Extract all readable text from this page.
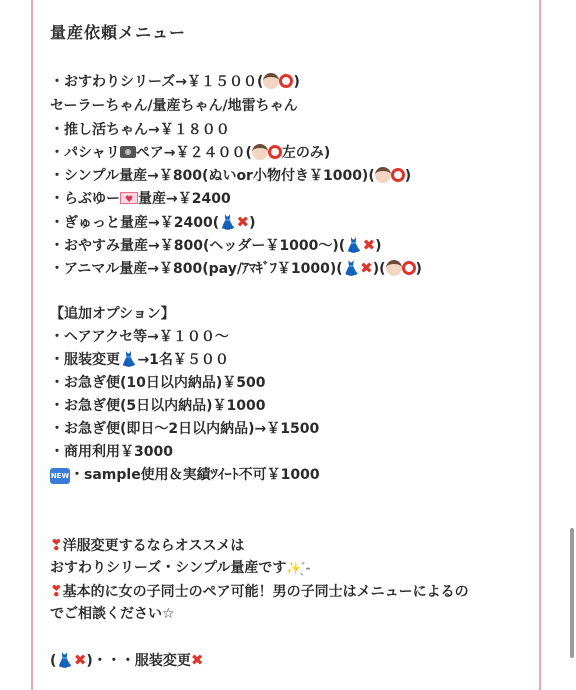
量産依頼メニュー
・おすわりシリーズ→￥１５００( )
セーラーちゃん/量産ちゃん/地雷ちゃん
・推し活ちゃん→￥１８００
・パシャリ ペア→￥２４００( 左のみ)
・シンプル量産→￥800(ぬいor小物付き￥1000)( )
・らぶゆー♥ 量産→￥2400
・ぎゅっと量産→￥2400(👗✖)
・おやすみ量産→￥800(ヘッダー￥1000〜)(👗✖)
・アニマル量産→￥800(pay/ｱﾏｷﾞﾌ￥1000)(👗✖)( )
【追加オプション】
・ヘアアクセ等→￥１００〜
・服装変更👗→1名￥５００
・お急ぎ便(10日以内納品)￥500
・お急ぎ便(5日以内納品)￥1000
・お急ぎ便(即日〜2日以内納品)→￥1500
・商用利用￥3000
NEW・sample使用＆実績ﾂｲｰﾄ不可￥1000
❣洋服変更するならオススメは
おすわりシリーズ・シンプル量産です✨ ̖́-
❣基本的に女の子同士のペア可能！男の子同士はメニューによるの
でご相談ください☆
(👗✖)・・・服装変更✖
